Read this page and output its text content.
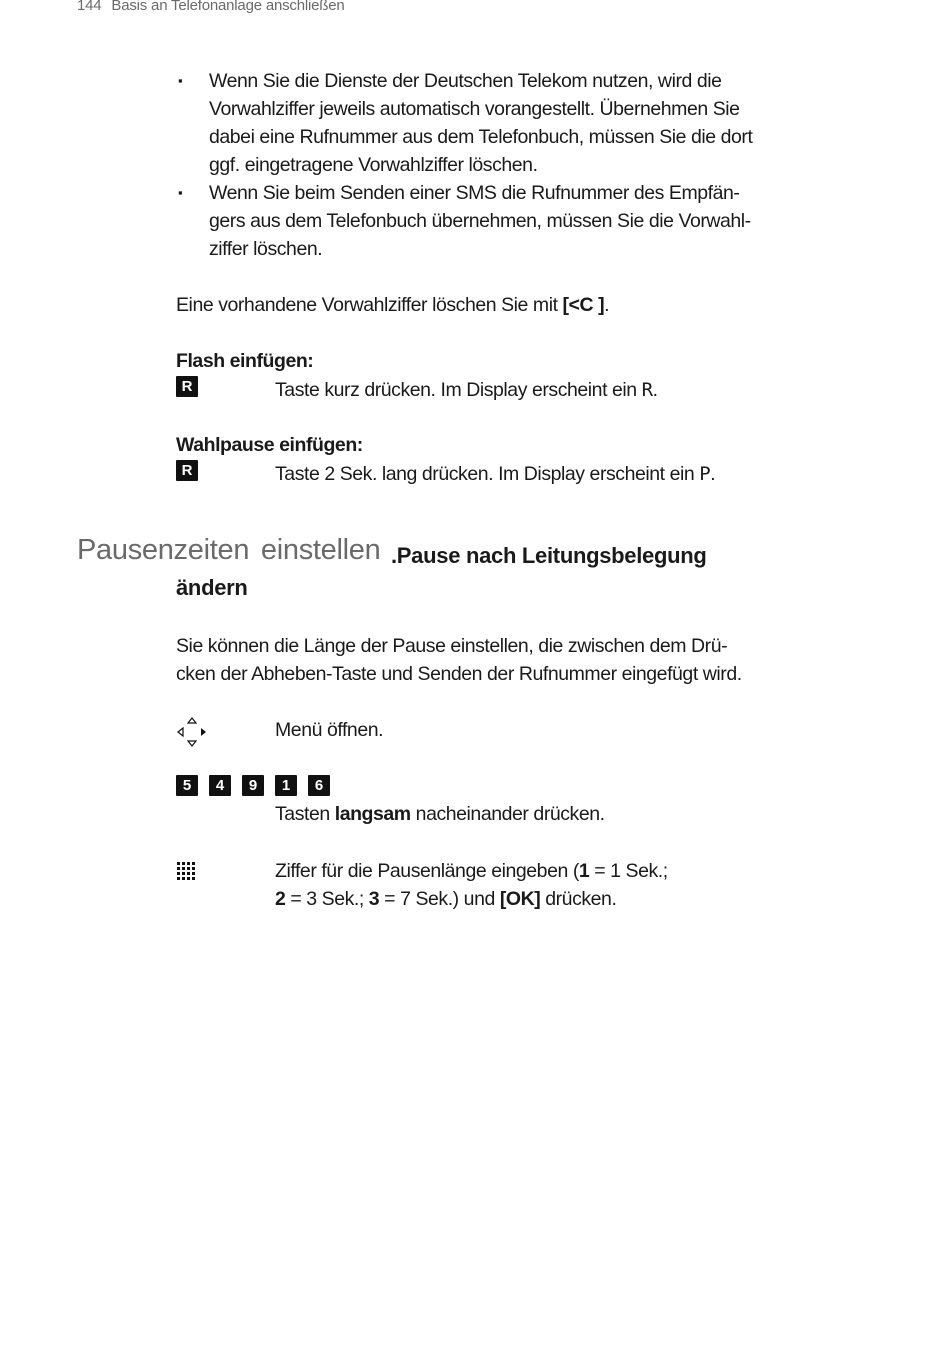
144 Basis an Telefonanlage anschließen
▪ Wenn Sie die Dienste der Deutschen Telekom nutzen, wird die Vorwahlziffer jeweils automatisch vorangestellt. Übernehmen Sie dabei eine Rufnummer aus dem Telefonbuch, müssen Sie die dort ggf. eingetragene Vorwahlziffer löschen.
▪ Wenn Sie beim Senden einer SMS die Rufnummer des Empfän-gers aus dem Telefonbuch übernehmen, müssen Sie die Vorwahl-ziffer löschen.

Eine vorhandene Vorwahlziffer löschen Sie mit [<C ].

Flash einfügen:

R	Taste kurz drücken. Im Display erscheint ein R.

Wahlpause einfügen:

R	Taste 2 Sek. lang drücken. Im Display erscheint ein P.
Pausenzeiten einstellen .Pause nach Leitungsbelegung
ändern

Sie können die Länge der Pause einstellen, die zwischen dem Drü-cken der Abheben-Taste und Senden der Rufnummer eingefügt wird.

Menü öffnen.
5 4 9 1 6
Tasten langsam nacheinander drücken.
Ziffer für die Pausenlänge eingeben (1 = 1 Sek.;
2 = 3 Sek.; 3 = 7 Sek.) und [OK] drücken.
